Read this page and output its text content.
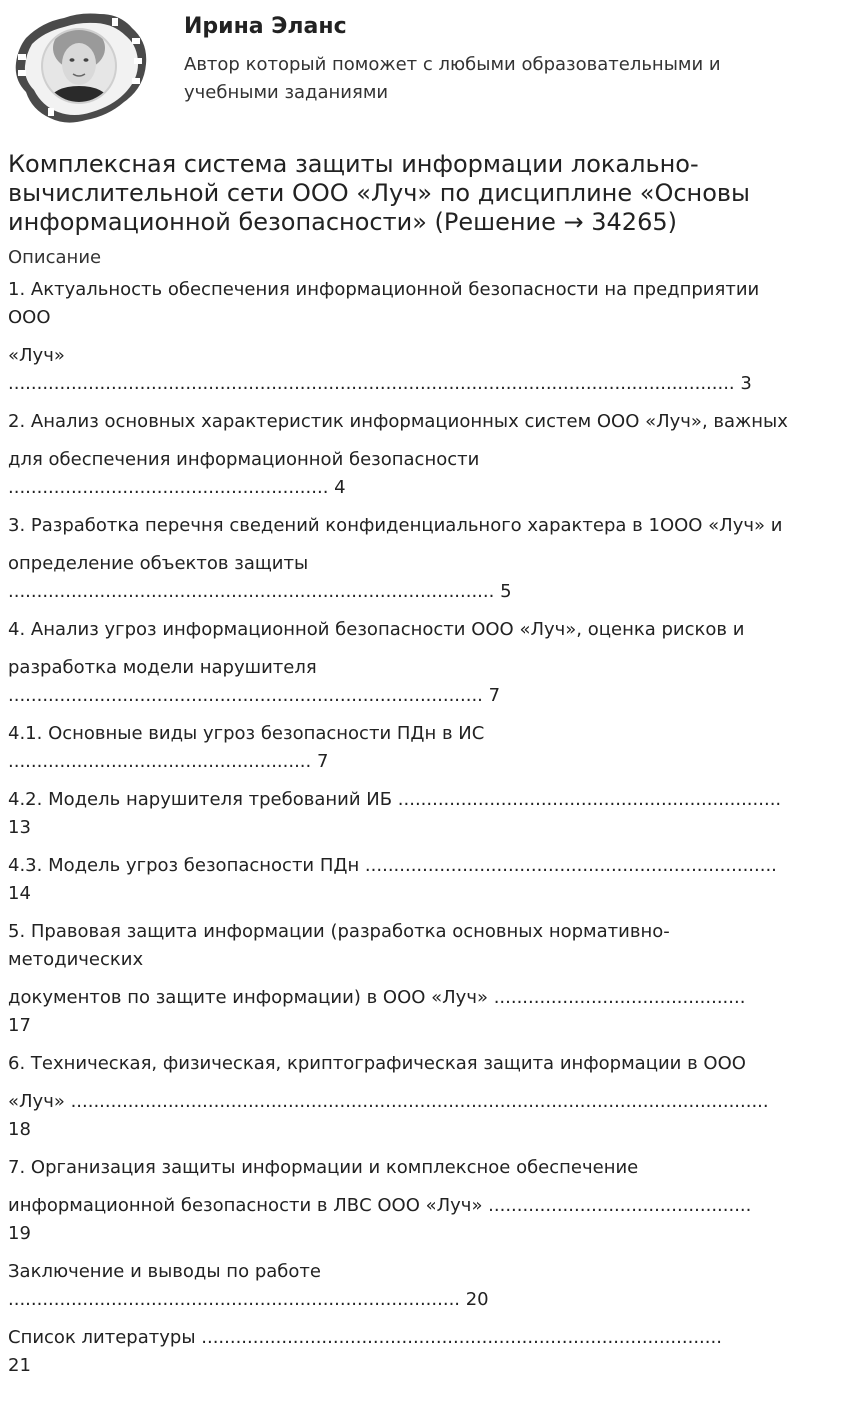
Ирина Эланс
Автор который поможет с любыми образовательными и
учебными заданиями
Комплексная система защиты информации локально-
вычислительной сети ООО «Луч» по дисциплине «Основы
информационной безопасности» (Решение → 34265)
Описание
1. Актуальность обеспечения информационной безопасности на предприятии
ООО
«Луч»
............................................................................................................................... 3
2. Анализ основных характеристик информационных систем ООО «Луч», важных
для обеспечения информационной безопасности
........................................................ 4
3. Разработка перечня сведений конфиденциального характера в 1ООО «Луч» и
определение объектов защиты
..................................................................................... 5
4. Анализ угроз информационной безопасности ООО «Луч», оценка рисков и
разработка модели нарушителя
................................................................................... 7
4.1. Основные виды угроз безопасности ПДн в ИС
..................................................... 7
4.2. Модель нарушителя требований ИБ ...................................................................
13
4.3. Модель угроз безопасности ПДн ........................................................................
14
5. Правовая защита информации (разработка основных нормативно-
методических
документов по защите информации) в ООО «Луч» ............................................
17
6. Техническая, физическая, криптографическая защита информации в ООО
«Луч» ..........................................................................................................................
18
7. Организация защиты информации и комплексное обеспечение
информационной безопасности в ЛВС ООО «Луч» ..............................................
19
Заключение и выводы по работе
............................................................................... 20
Список литературы ...........................................................................................
21
